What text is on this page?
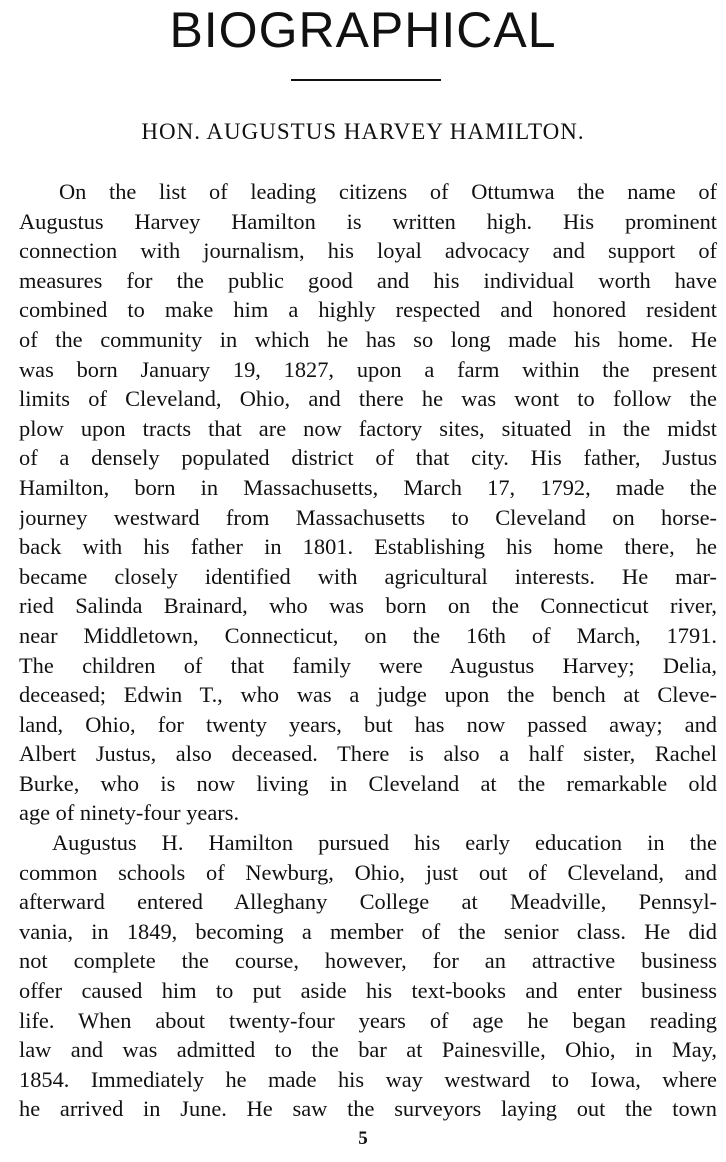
BIOGRAPHICAL
HON. AUGUSTUS HARVEY HAMILTON.
On the list of leading citizens of Ottumwa the name of
Augustus Harvey Hamilton is written high. His prominent
connection with journalism, his loyal advocacy and support of
measures for the public good and his individual worth have
combined to make him a highly respected and honored resident
of the community in which he has so long made his home. He
was born January 19, 1827, upon a farm within the present
limits of Cleveland, Ohio, and there he was wont to follow the
plow upon tracts that are now factory sites, situated in the midst
of a densely populated district of that city. His father, Justus
Hamilton, born in Massachusetts, March 17, 1792, made the
journey westward from Massachusetts to Cleveland on horse-
back with his father in 1801. Establishing his home there, he
became closely identified with agricultural interests. He mar-
ried Salinda Brainard, who was born on the Connecticut river,
near Middletown, Connecticut, on the 16th of March, 1791.
The children of that family were Augustus Harvey; Delia,
deceased; Edwin T., who was a judge upon the bench at Cleve-
land, Ohio, for twenty years, but has now passed away; and
Albert Justus, also deceased. There is also a half sister, Rachel
Burke, who is now living in Cleveland at the remarkable old
age of ninety-four years.
Augustus H. Hamilton pursued his early education in the
common schools of Newburg, Ohio, just out of Cleveland, and
afterward entered Alleghany College at Meadville, Pennsyl-
vania, in 1849, becoming a member of the senior class. He did
not complete the course, however, for an attractive business
offer caused him to put aside his text-books and enter business
life. When about twenty-four years of age he began reading
law and was admitted to the bar at Painesville, Ohio, in May,
1854. Immediately he made his way westward to Iowa, where
he arrived in June. He saw the surveyors laying out the town
5
